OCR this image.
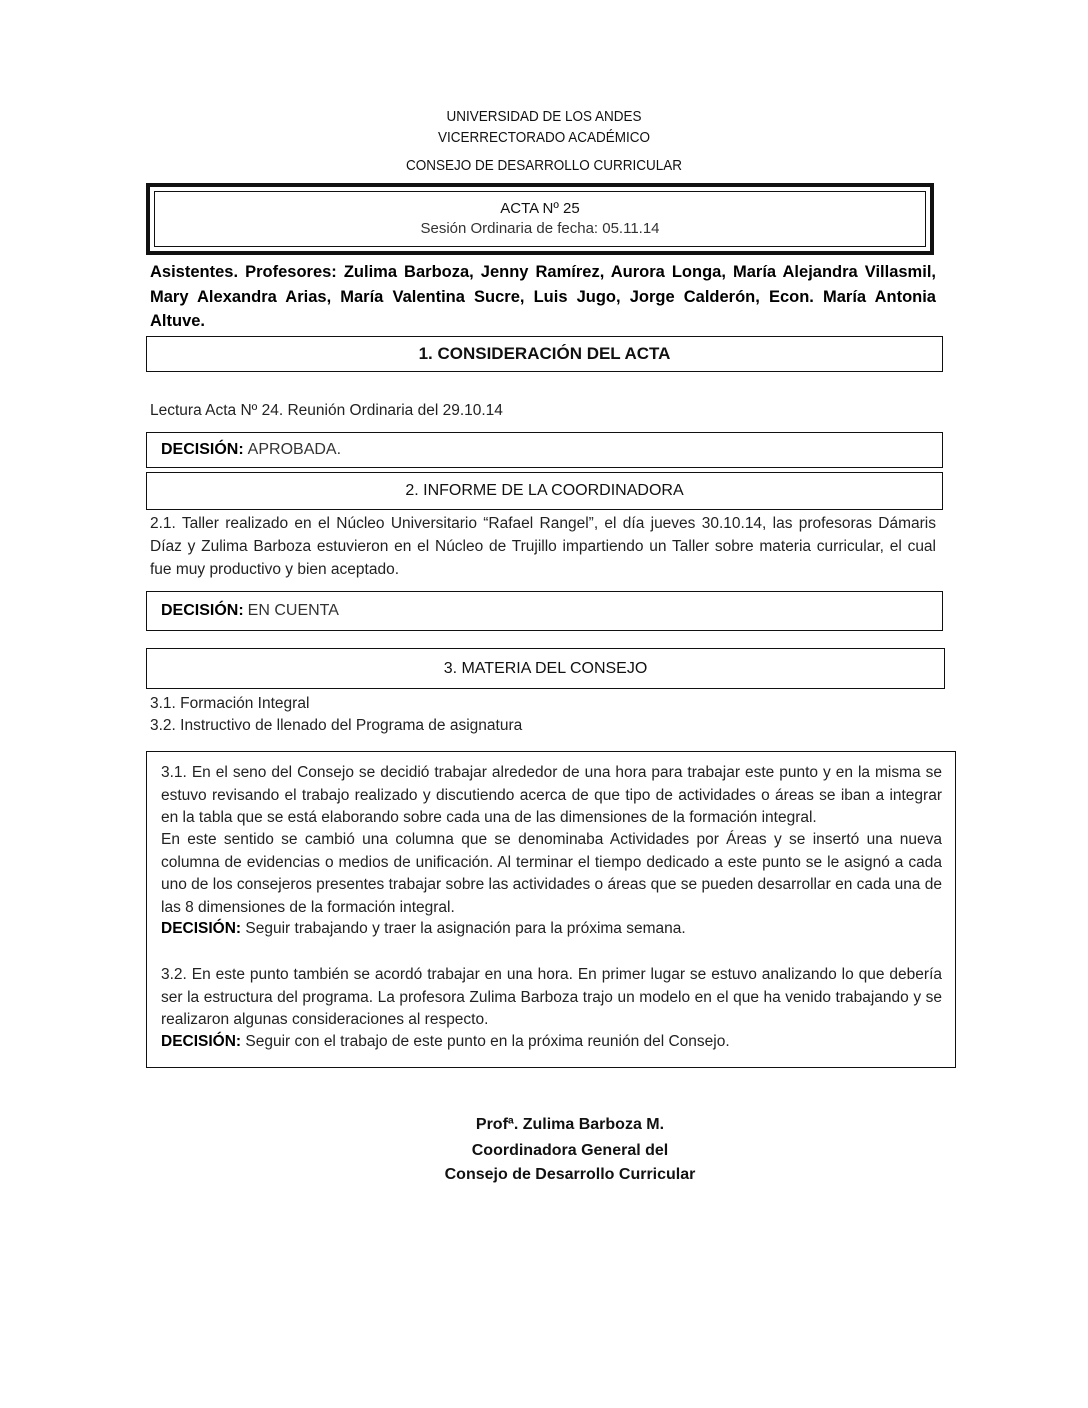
UNIVERSIDAD DE LOS ANDES
VICERRECTORADO ACADÉMICO
CONSEJO DE DESARROLLO CURRICULAR
ACTA Nº 25
Sesión Ordinaria de fecha: 05.11.14
Asistentes. Profesores: Zulima Barboza, Jenny Ramírez, Aurora Longa, María Alejandra Villasmil, Mary Alexandra Arias, María Valentina Sucre, Luis Jugo, Jorge Calderón, Econ. María Antonia Altuve.
1. CONSIDERACIÓN DEL ACTA
Lectura Acta Nº 24. Reunión Ordinaria del 29.10.14
DECISIÓN: APROBADA.
2. INFORME DE LA COORDINADORA
2.1. Taller realizado en el Núcleo Universitario “Rafael Rangel”, el día jueves 30.10.14, las profesoras Dámaris Díaz y Zulima Barboza estuvieron en el Núcleo de Trujillo impartiendo un Taller sobre materia curricular, el cual fue muy productivo y bien aceptado.
DECISIÓN: EN CUENTA
3. MATERIA DEL CONSEJO
3.1. Formación Integral
3.2. Instructivo de llenado del Programa de asignatura
3.1. En el seno del Consejo se decidió trabajar alrededor de una hora para trabajar este punto y en la misma se estuvo revisando el trabajo realizado y discutiendo acerca de que tipo de actividades o áreas se iban a integrar en la tabla que se está elaborando sobre cada una de las dimensiones de la formación integral.
En este sentido se cambió una columna que se denominaba Actividades por Áreas y se insertó una nueva columna de evidencias o medios de unificación. Al terminar el tiempo dedicado a este punto se le asignó a cada uno de los consejeros presentes trabajar sobre las actividades o áreas que se pueden desarrollar en cada una de las 8 dimensiones de la formación integral.
DECISIÓN: Seguir trabajando y traer la asignación para la próxima semana.
3.2. En este punto también se acordó trabajar en una hora. En primer lugar se estuvo analizando lo que debería ser la estructura del programa. La profesora Zulima Barboza trajo un modelo en el que ha venido trabajando y se realizaron algunas consideraciones al respecto.
DECISIÓN: Seguir con el trabajo de este punto en la próxima reunión del Consejo.
Profª. Zulima Barboza M.
Coordinadora General del
Consejo de Desarrollo Curricular
